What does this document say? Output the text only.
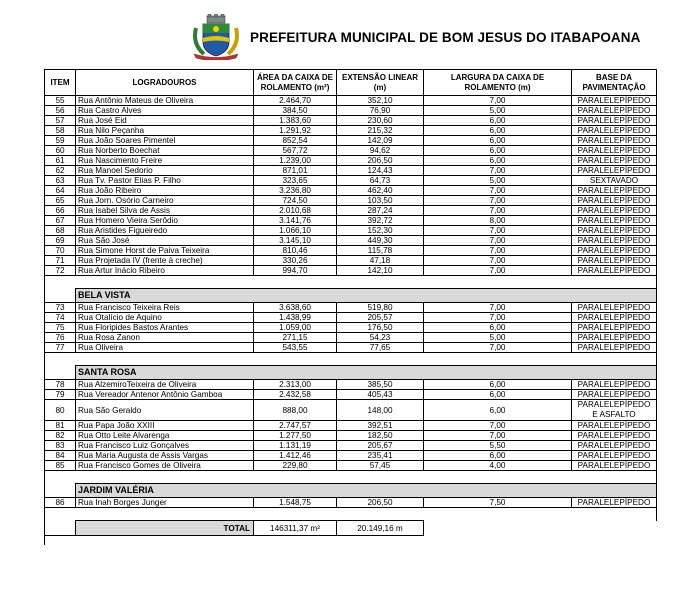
PREFEITURA MUNICIPAL DE BOM JESUS DO ITABAPOANA
ITEM	LOGRADOUROS	ÁREA DA CAIXA DE ROLAMENTO (m²)	EXTENSÃO LINEAR (m)	LARGURA DA CAIXA DE ROLAMENTO (m)	BASE DA PAVIMENTAÇÃO
55	Rua Antônio Mateus de Oliveira	2.464,70	352,10	7,00	PARALELEPÍPEDO
56	Rua Castro Alves	384,50	76,90	5,00	PARALELEPÍPEDO
57	Rua José Eid	1.383,60	230,60	6,00	PARALELEPÍPEDO
58	Rua Nilo Peçanha	1.291,92	215,32	6,00	PARALELEPÍPEDO
59	Rua João Soares Pimentel	852,54	142,09	6,00	PARALELEPÍPEDO
60	Rua Norberto Boechat	567,72	94,62	6,00	PARALELEPÍPEDO
61	Rua Nascimento Freire	1.239,00	206,50	6,00	PARALELEPÍPEDO
62	Rua Manoel Sedorio	871,01	124,43	7,00	PARALELEPÍPEDO
63	Rua Tv. Pastor Elias P. Filho	323,65	64,73	5,00	SEXTAVADO
64	Rua João Ribeiro	3.236,80	462,40	7,00	PARALELEPÍPEDO
65	Rua Jorn. Osório Carneiro	724,50	103,50	7,00	PARALELEPÍPEDO
66	Rua Isabel Silva de Assis	2.010,68	287,24	7,00	PARALELEPÍPEDO
67	Rua Homero Vieira Serôdio	3.141,76	392,72	8,00	PARALELEPÍPEDO
68	Rua Aristides Figueiredo	1.066,10	152,30	7,00	PARALELEPÍPEDO
69	Rua São José	3.145,10	449,30	7,00	PARALELEPÍPEDO
70	Rua Simone Horst de Paiva Teixeira	810,46	115,78	7,00	PARALELEPÍPEDO
71	Rua Projetada IV (frente à creche)	330,26	47,18	7,00	PARALELEPÍPEDO
72	Rua Artur Inácio Ribeiro	994,70	142,10	7,00	PARALELEPÍPEDO

	BELA VISTA				
73	Rua Francisco Teixeira Reis	3.638,60	519,80	7,00	PARALELEPÍPEDO
74	Rua Otalício de Aquino	1.438,99	205,57	7,00	PARALELEPÍPEDO
75	Rua Floripides Bastos Arantes	1.059,00	176,50	6,00	PARALELEPÍPEDO
76	Rua Rosa Zanon	271,15	54,23	5,00	PARALELEPÍPEDO
77	Rua Oliveira	543,55	77,65	7,00	PARALELEPÍPEDO

	SANTA ROSA				
78	Rua AlzemiroTeixeira de Oliveira	2.313,00	385,50	6,00	PARALELEPÍPEDO
79	Rua Vereador Antenor Antônio Gamboa	2.432,58	405,43	6,00	PARALELEPÍPEDO
80	Rua São Geraldo	888,00	148,00	6,00	PARALELEPÍPEDO E ASFALTO
81	Rua Papa João XXIII	2.747,57	392,51	7,00	PARALELEPÍPEDO
82	Rua Otto Leite Alvarenga	1.277,50	182,50	7,00	PARALELEPÍPEDO
83	Rua Francisco Luiz Gonçalves	1.131,19	205,67	5,50	PARALELEPÍPEDO
84	Rua Maria Augusta de Assis Vargas	1.412,46	235,41	6,00	PARALELEPÍPEDO
85	Rua Francisco Gomes de Oliveira	229,80	57,45	4,00	PARALELEPÍPEDO

	JARDIM VALÉRIA				
86	Rua Inah Borges Junger	1.548,75	206,50	7,50	PARALELEPÍPEDO

	TOTAL	146311,37 m²	20.149,16 m		
